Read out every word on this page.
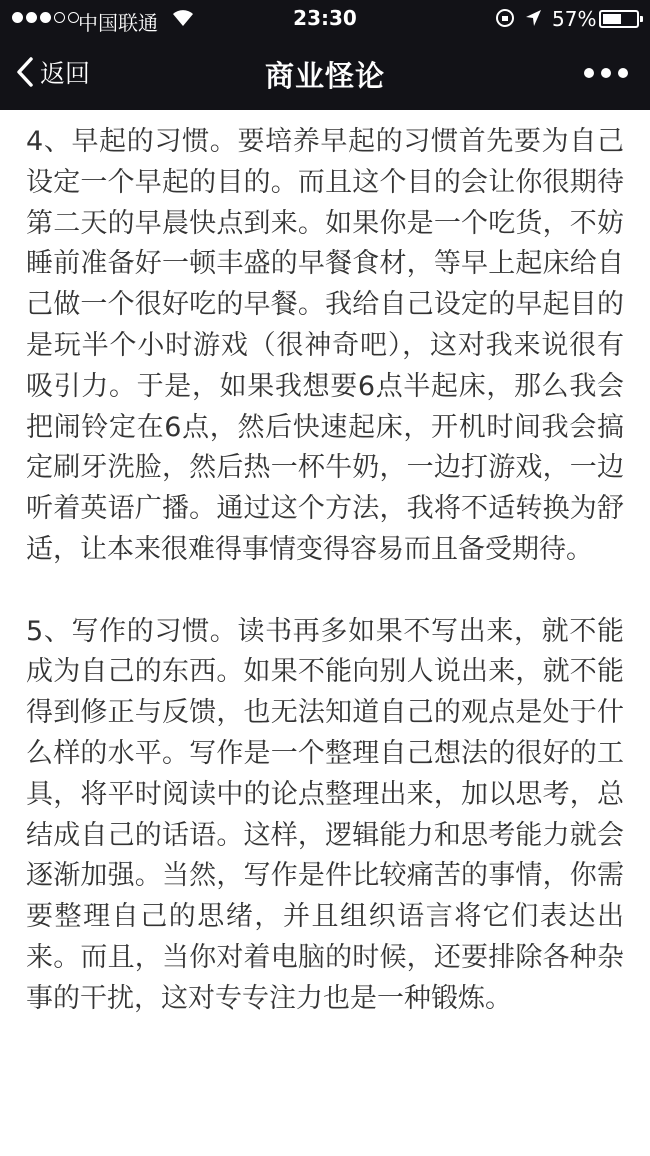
中国联通	23:30	57%
返回	商业怪论

4、早起的习惯。要培养早起的习惯首先要为自己设定一个早起的目的。而且这个目的会让你很期待第二天的早晨快点到来。如果你是一个吃货，不妨睡前准备好一顿丰盛的早餐食材，等早上起床给自己做一个很好吃的早餐。我给自己设定的早起目的是玩半个小时游戏（很神奇吧），这对我来说很有吸引力。于是，如果我想要6点半起床，那么我会把闹铃定在6点，然后快速起床，开机时间我会搞定刷牙洗脸，然后热一杯牛奶，一边打游戏，一边听着英语广播。通过这个方法，我将不适转换为舒适，让本来很难得事情变得容易而且备受期待。

5、写作的习惯。读书再多如果不写出来，就不能成为自己的东西。如果不能向别人说出来，就不能得到修正与反馈，也无法知道自己的观点是处于什么样的水平。写作是一个整理自己想法的很好的工具，将平时阅读中的论点整理出来，加以思考，总结成自己的话语。这样，逻辑能力和思考能力就会逐渐加强。当然，写作是件比较痛苦的事情，你需要整理自己的思绪，并且组织语言将它们表达出来。而且，当你对着电脑的时候，还要排除各种杂事的干扰，这对专专注力也是一种锻炼。
